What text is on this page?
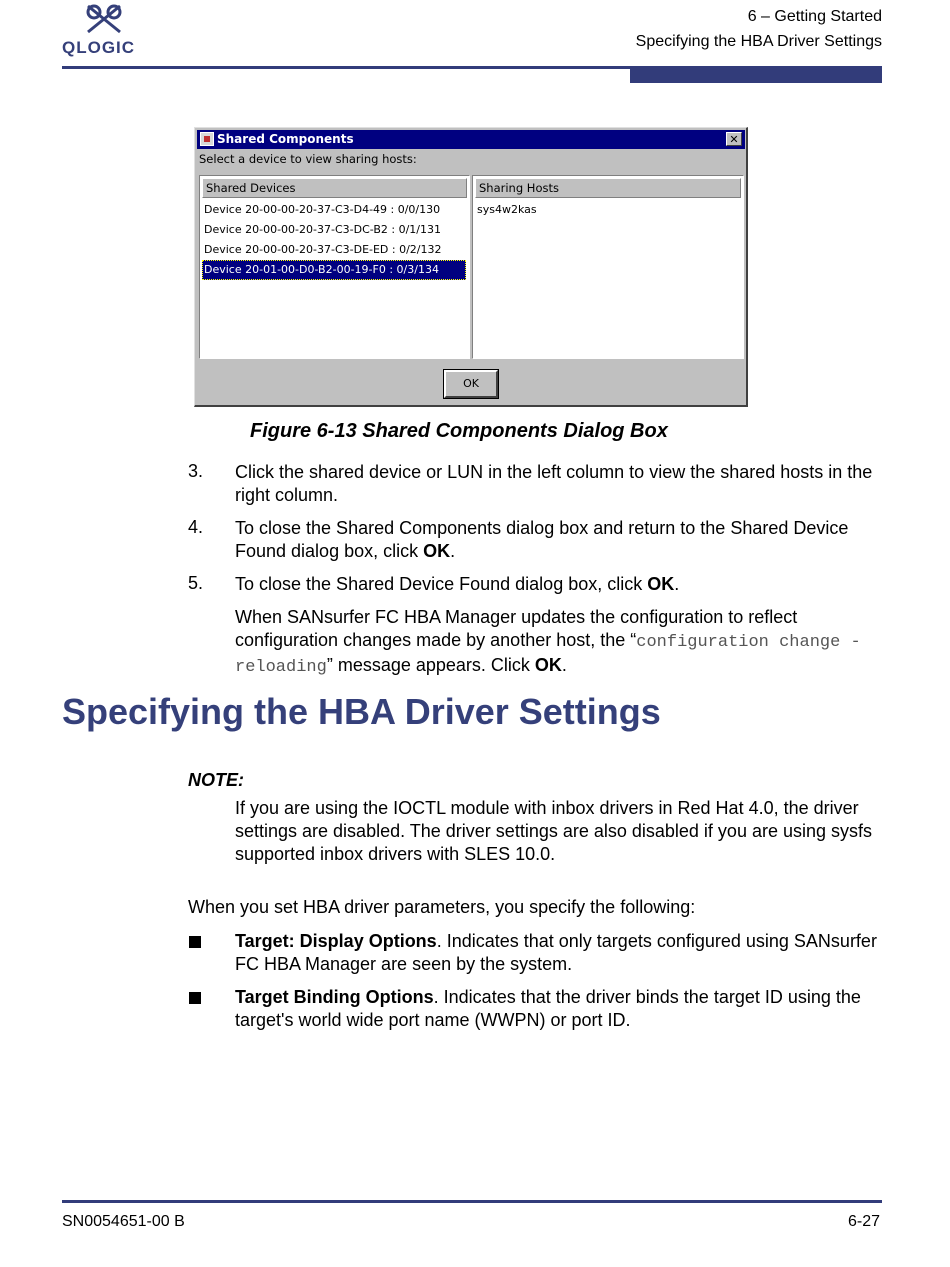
QLOGIC
6 – Getting Started
Specifying the HBA Driver Settings
Shared Components	✕
Select a device to view sharing hosts:
Shared Devices
Device 20-00-00-20-37-C3-D4-49 : 0/0/130
Device 20-00-00-20-37-C3-DC-B2 : 0/1/131
Device 20-00-00-20-37-C3-DE-ED : 0/2/132
Device 20-01-00-D0-B2-00-19-F0 : 0/3/134
Sharing Hosts
sys4w2kas
OK
Figure 6-13 Shared Components Dialog Box
3. Click the shared device or LUN in the left column to view the shared hosts in the right column.
4. To close the Shared Components dialog box and return to the Shared Device Found dialog box, click OK.
5. To close the Shared Device Found dialog box, click OK.
When SANsurfer FC HBA Manager updates the configuration to reflect configuration changes made by another host, the “configuration change - reloading” message appears. Click OK.
Specifying the HBA Driver Settings
NOTE:
If you are using the IOCTL module with inbox drivers in Red Hat 4.0, the driver settings are disabled. The driver settings are also disabled if you are using sysfs supported inbox drivers with SLES 10.0.
When you set HBA driver parameters, you specify the following:
Target: Display Options. Indicates that only targets configured using SANsurfer FC HBA Manager are seen by the system.
Target Binding Options. Indicates that the driver binds the target ID using the target's world wide port name (WWPN) or port ID.
SN0054651-00 B	6-27
